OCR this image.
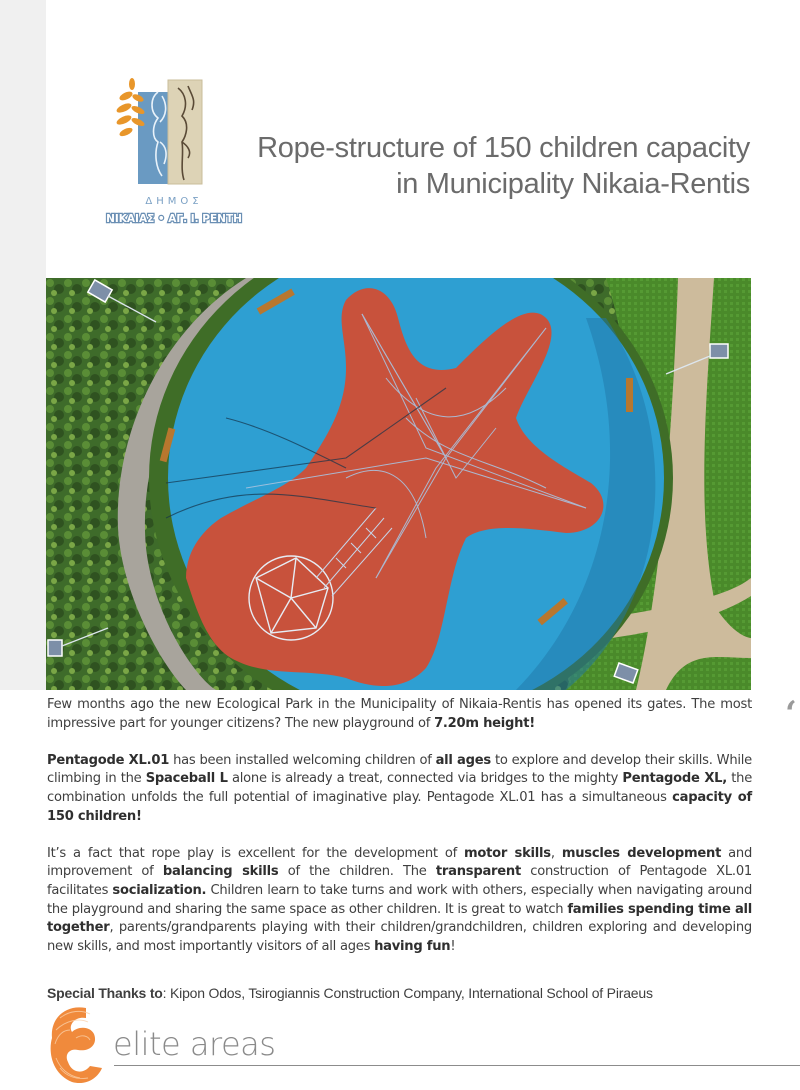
ΔΗΜΟΣ
ΝΙΚΑΙΑΣ • ΑΓ. Ι. ΡΕΝΤΗ
Rope-structure of 150 children capacity
in Municipality Nikaia-Rentis
‘

Few months ago the new Ecological Park in the Municipality of Nikaia-Rentis has opened its gates. The most impressive part for younger citizens? The new playground of 7.20m height!

Pentagode XL.01 has been installed welcoming children of all ages to explore and develop their skills. While climbing in the Spaceball L alone is already a treat, connected via bridges to the mighty Pentagode XL, the combination unfolds the full potential of imaginative play. Pentagode XL.01 has a simultaneous capacity of 150 children!

It’s a fact that rope play is excellent for the development of motor skills, muscles development and improvement of balancing skills of the children. The transparent construction of Pentagode XL.01 facilitates socialization. Children learn to take turns and work with others, especially when navigating around the playground and sharing the same space as other children. It is great to watch families spending time all together, parents/grandparents playing with their children/grandchildren, children exploring and developing new skills, and most importantly visitors of all ages having fun!

Special Thanks to: Kipon Odos, Tsirogiannis Construction Company, International School of Piraeus
elite areas
